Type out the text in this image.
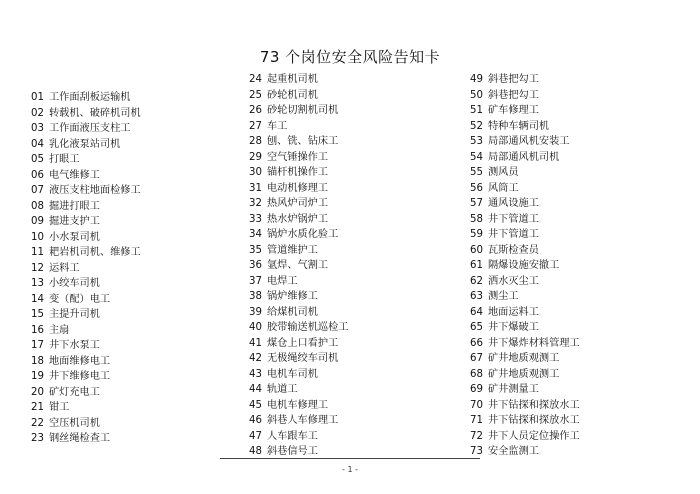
73 个岗位安全风险告知卡
01 工作面刮板运输机
02 转载机、破碎机司机
03 工作面液压支柱工
04 乳化液泵站司机
05 打眼工
06 电气维修工
07 液压支柱地面检修工
08 掘进打眼工
09 掘进支护工
10 小水泵司机
11 耙岩机司机、维修工
12 运料工
13 小绞车司机
14 变（配）电工
15 主提升司机
16 主扇
17 井下水泵工
18 地面维修电工
19 井下维修电工
20 矿灯充电工
21 钳工
22 空压机司机
23 钢丝绳检查工
24 起重机司机
25 砂轮机司机
26 砂轮切割机司机
27 车工
28 刨、铣、钻床工
29 空气锤操作工
30 锚杆机操作工
31 电动机修理工
32 热风炉司炉工
33 热水炉锅炉工
34 锅炉水质化验工
35 管道维护工
36 氩焊、气割工
37 电焊工
38 锅炉维修工
39 给煤机司机
40 胶带输送机巡检工
41 煤仓上口看护工
42 无极绳绞车司机
43 电机车司机
44 轨道工
45 电机车修理工
46 斜巷人车修理工
47 人车跟车工
48 斜巷信号工
49 斜巷把勾工
50 斜巷把勾工
51 矿车修理工
52 特种车辆司机
53 局部通风机安装工
54 局部通风机司机
55 测风员
56 风筒工
57 通风设施工
58 井下管道工
59 井下管道工
60 瓦斯检查员
61 隔爆设施安撤工
62 洒水灭尘工
63 测尘工
64 地面运料工
65 井下爆破工
66 井下爆炸材料管理工
67 矿井地质观测工
68 矿井地质观测工
69 矿井测量工
70 井下钻探和探放水工
71 井下钻探和探放水工
72 井下人员定位操作工
73 安全监测工
- 1 -
